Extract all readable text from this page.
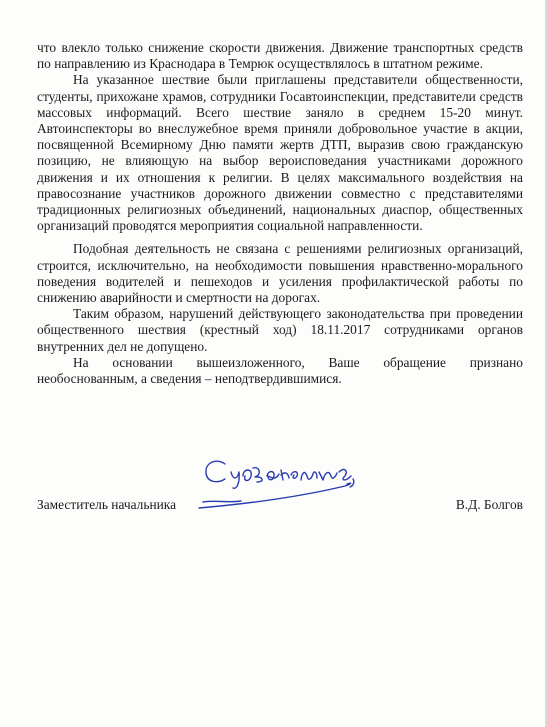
что влекло только снижение скорости движения. Движение транспортных средств по направлению из Краснодара в Темрюк осуществлялось в штатном режиме.

На указанное шествие были приглашены представители общественности, студенты, прихожане храмов, сотрудники Госавтоинспекции, представители средств массовых информаций. Всего шествие заняло в среднем 15-20 минут. Автоинспекторы во внеслужебное время приняли добровольное участие в акции, посвященной Всемирному Дню памяти жертв ДТП, выразив свою гражданскую позицию, не влияющую на выбор вероисповедания участниками дорожного движения и их отношения к религии. В целях максимального воздействия на правосознание участников дорожного движении совместно с представителями традиционных религиозных объединений, национальных диаспор, общественных организаций проводятся мероприятия социальной направленности.

Подобная деятельность не связана с решениями религиозных организаций, строится, исключительно, на необходимости повышения нравственно-морального поведения водителей и пешеходов и усиления профилактической работы по снижению аварийности и смертности на дорогах.

Таким образом, нарушений действующего законодательства при проведении общественного шествия (крестный ход) 18.11.2017 сотрудниками органов внутренних дел не допущено.

На основании вышеизложенного, Ваше обращение признано необоснованным, а сведения – неподтвердившимися.

Заместитель начальника	В.Д. Болгов
